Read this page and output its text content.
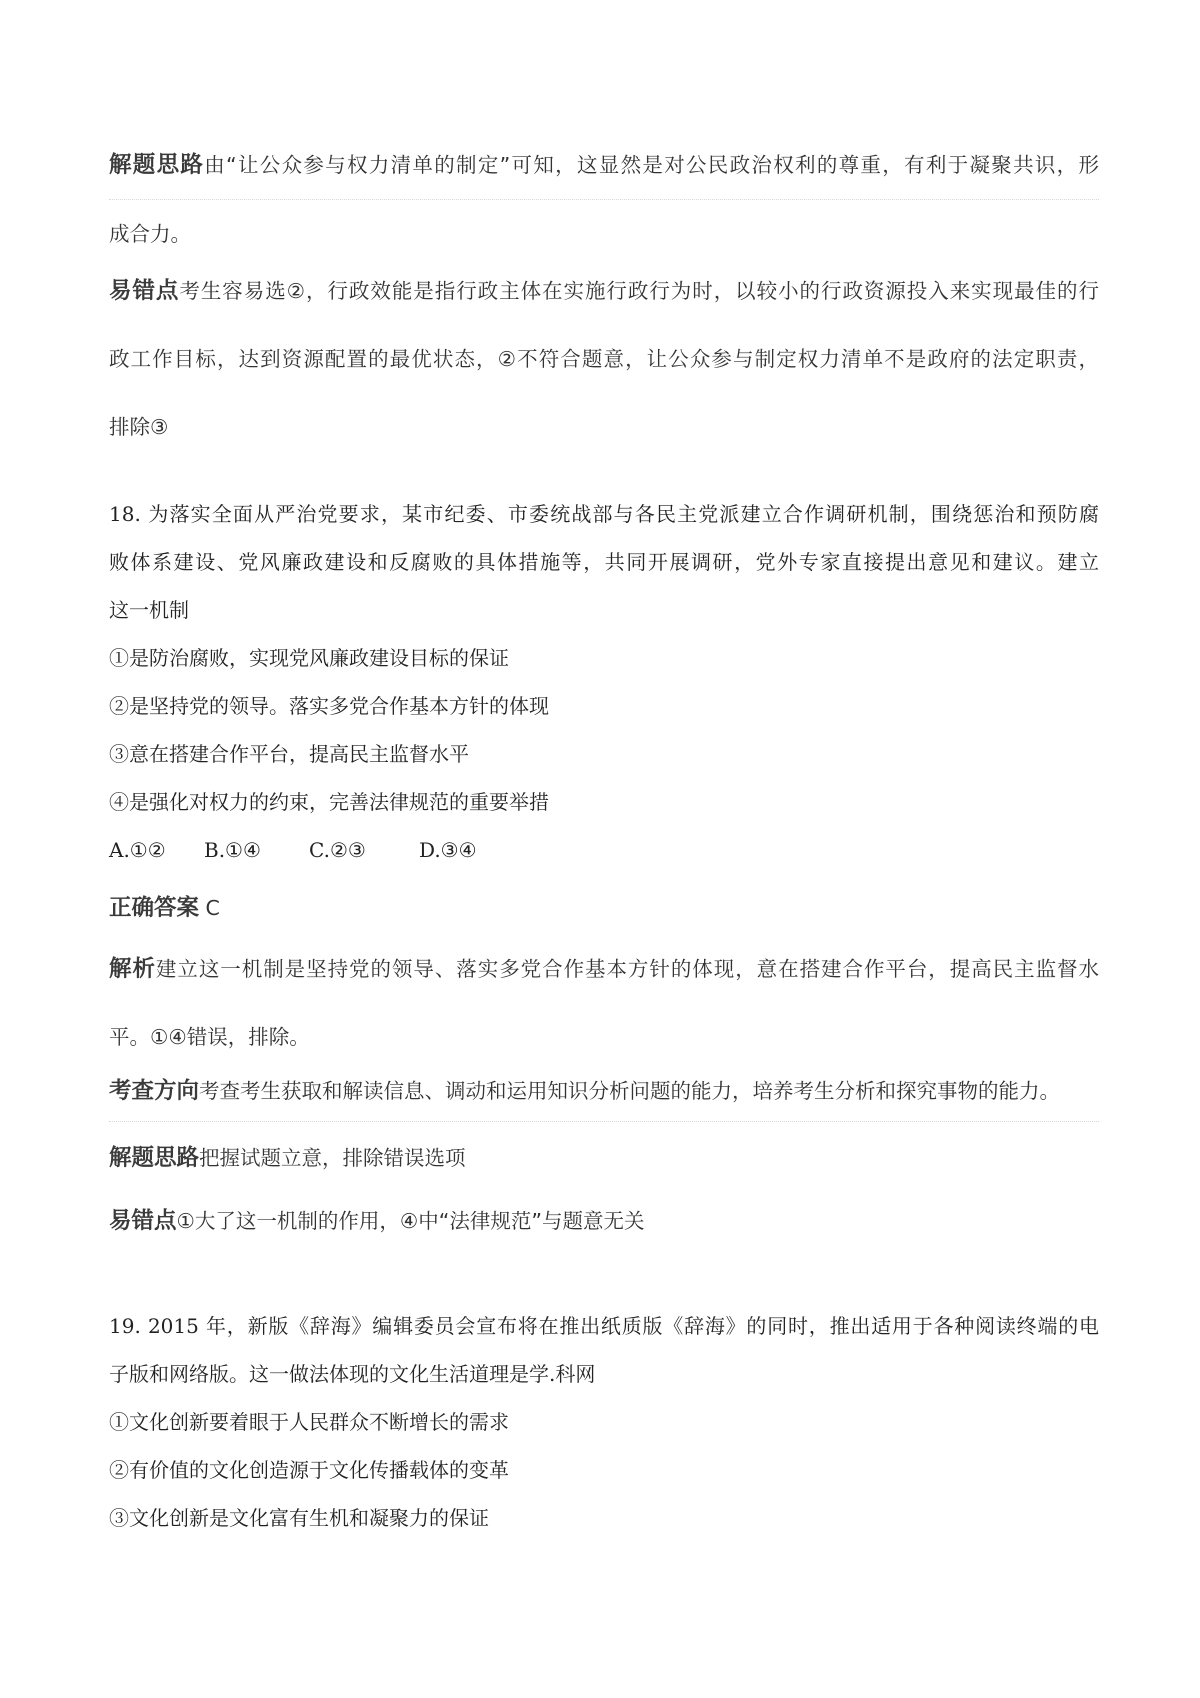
解题思路由“让公众参与权力清单的制定”可知，这显然是对公民政治权利的尊重，有利于凝聚共识，形
成合力。
易错点考生容易选②，行政效能是指行政主体在实施行政行为时，以较小的行政资源投入来实现最佳的行
政工作目标，达到资源配置的最优状态，②不符合题意，让公众参与制定权力清单不是政府的法定职责，
排除③
18. 为落实全面从严治党要求，某市纪委、市委统战部与各民主党派建立合作调研机制，围绕惩治和预防腐
败体系建设、党风廉政建设和反腐败的具体措施等，共同开展调研，党外专家直接提出意见和建议。建立
这一机制
①是防治腐败，实现党风廉政建设目标的保证
②是坚持党的领导。落实多党合作基本方针的体现
③意在搭建合作平台，提高民主监督水平
④是强化对权力的约束，完善法律规范的重要举措
A.①② B.①④ C.②③	D.③④
正确答案 C
解析建立这一机制是坚持党的领导、落实多党合作基本方针的体现，意在搭建合作平台，提高民主监督水
平。①④错误，排除。
考查方向考查考生获取和解读信息、调动和运用知识分析问题的能力，培养考生分析和探究事物的能力。
解题思路把握试题立意，排除错误选项
易错点①大了这一机制的作用，④中“法律规范”与题意无关
19. 2015 年，新版《辞海》编辑委员会宣布将在推出纸质版《辞海》的同时，推出适用于各种阅读终端的电
子版和网络版。这一做法体现的文化生活道理是学.科网
①文化创新要着眼于人民群众不断增长的需求
②有价值的文化创造源于文化传播载体的变革
③文化创新是文化富有生机和凝聚力的保证
